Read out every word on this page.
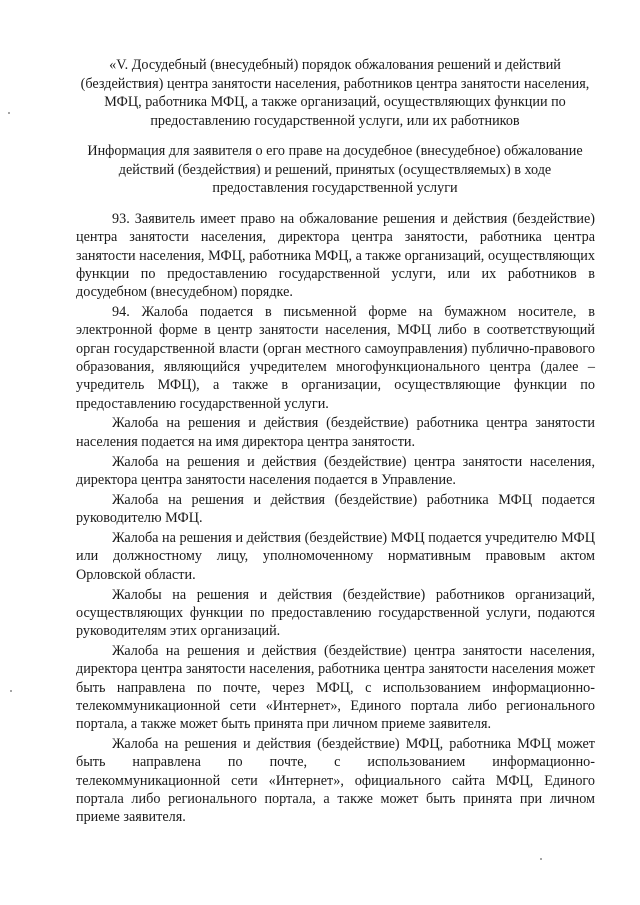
«V. Досудебный (внесудебный) порядок обжалования решений и действий (бездействия) центра занятости населения, работников центра занятости населения, МФЦ, работника МФЦ, а также организаций, осуществляющих функции по предоставлению государственной услуги, или их работников
Информация для заявителя о его праве на досудебное (внесудебное) обжалование действий (бездействия) и решений, принятых (осуществляемых) в ходе предоставления государственной услуги

93. Заявитель имеет право на обжалование решения и действия (бездействие) центра занятости населения, директора центра занятости, работника центра занятости населения, МФЦ, работника МФЦ, а также организаций, осуществляющих функции по предоставлению государственной услуги, или их работников в досудебном (внесудебном) порядке.

94. Жалоба подается в письменной форме на бумажном носителе, в электронной форме в центр занятости населения, МФЦ либо в соответствующий орган государственной власти (орган местного самоуправления) публично-правового образования, являющийся учредителем многофункционального центра (далее – учредитель МФЦ), а также в организации, осуществляющие функции по предоставлению государственной услуги.

Жалоба на решения и действия (бездействие) работника центра занятости населения подается на имя директора центра занятости.

Жалоба на решения и действия (бездействие) центра занятости населения, директора центра занятости населения подается в Управление.

Жалоба на решения и действия (бездействие) работника МФЦ подается руководителю МФЦ.

Жалоба на решения и действия (бездействие) МФЦ подается учредителю МФЦ или должностному лицу, уполномоченному нормативным правовым актом Орловской области.

Жалобы на решения и действия (бездействие) работников организаций, осуществляющих функции по предоставлению государственной услуги, подаются руководителям этих организаций.

Жалоба на решения и действия (бездействие) центра занятости населения, директора центра занятости населения, работника центра занятости населения может быть направлена по почте, через МФЦ, с использованием информационно-телекоммуникационной сети «Интернет», Единого портала либо регионального портала, а также может быть принята при личном приеме заявителя.

Жалоба на решения и действия (бездействие) МФЦ, работника МФЦ может быть направлена по почте, с использованием информационно-телекоммуникационной сети «Интернет», официального сайта МФЦ, Единого портала либо регионального портала, а также может быть принята при личном приеме заявителя.
